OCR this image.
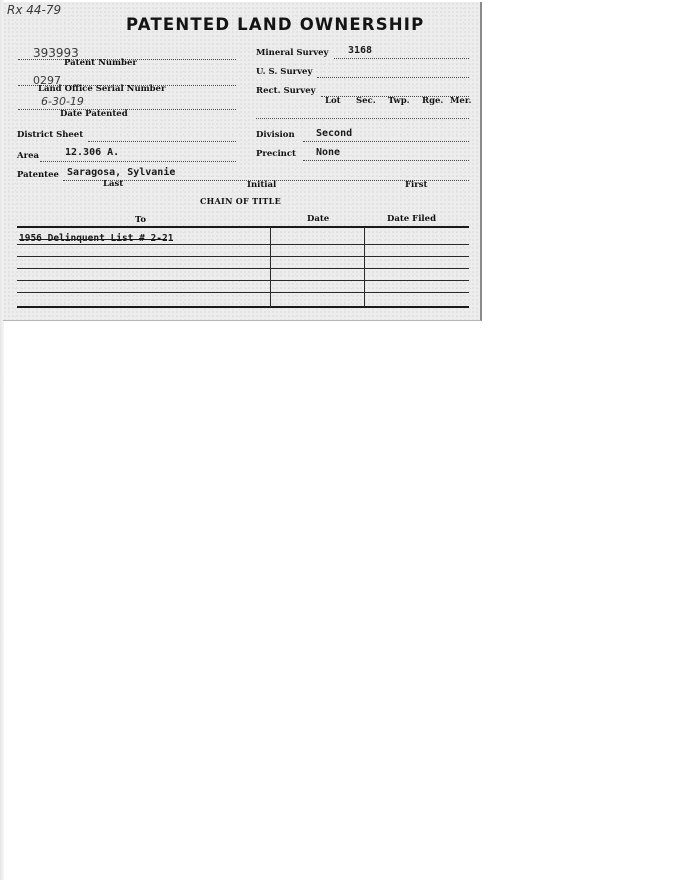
Rx 44-79
PATENTED LAND OWNERSHIP
393993
Patent Number
0297
Land Office Serial Number
6-30-19
Date Patented
District Sheet
Area	12.306 A.
Mineral Survey 3168
U. S. Survey
Rect. Survey
Lot Sec. Twp. Rge. Mer.
Division Second
Precinct None
Patentee Saragosa, Sylvanie
Last	Initial	First
CHAIN OF TITLE
To	Date	Date Filed
1956 Delinquent List # 2-21
